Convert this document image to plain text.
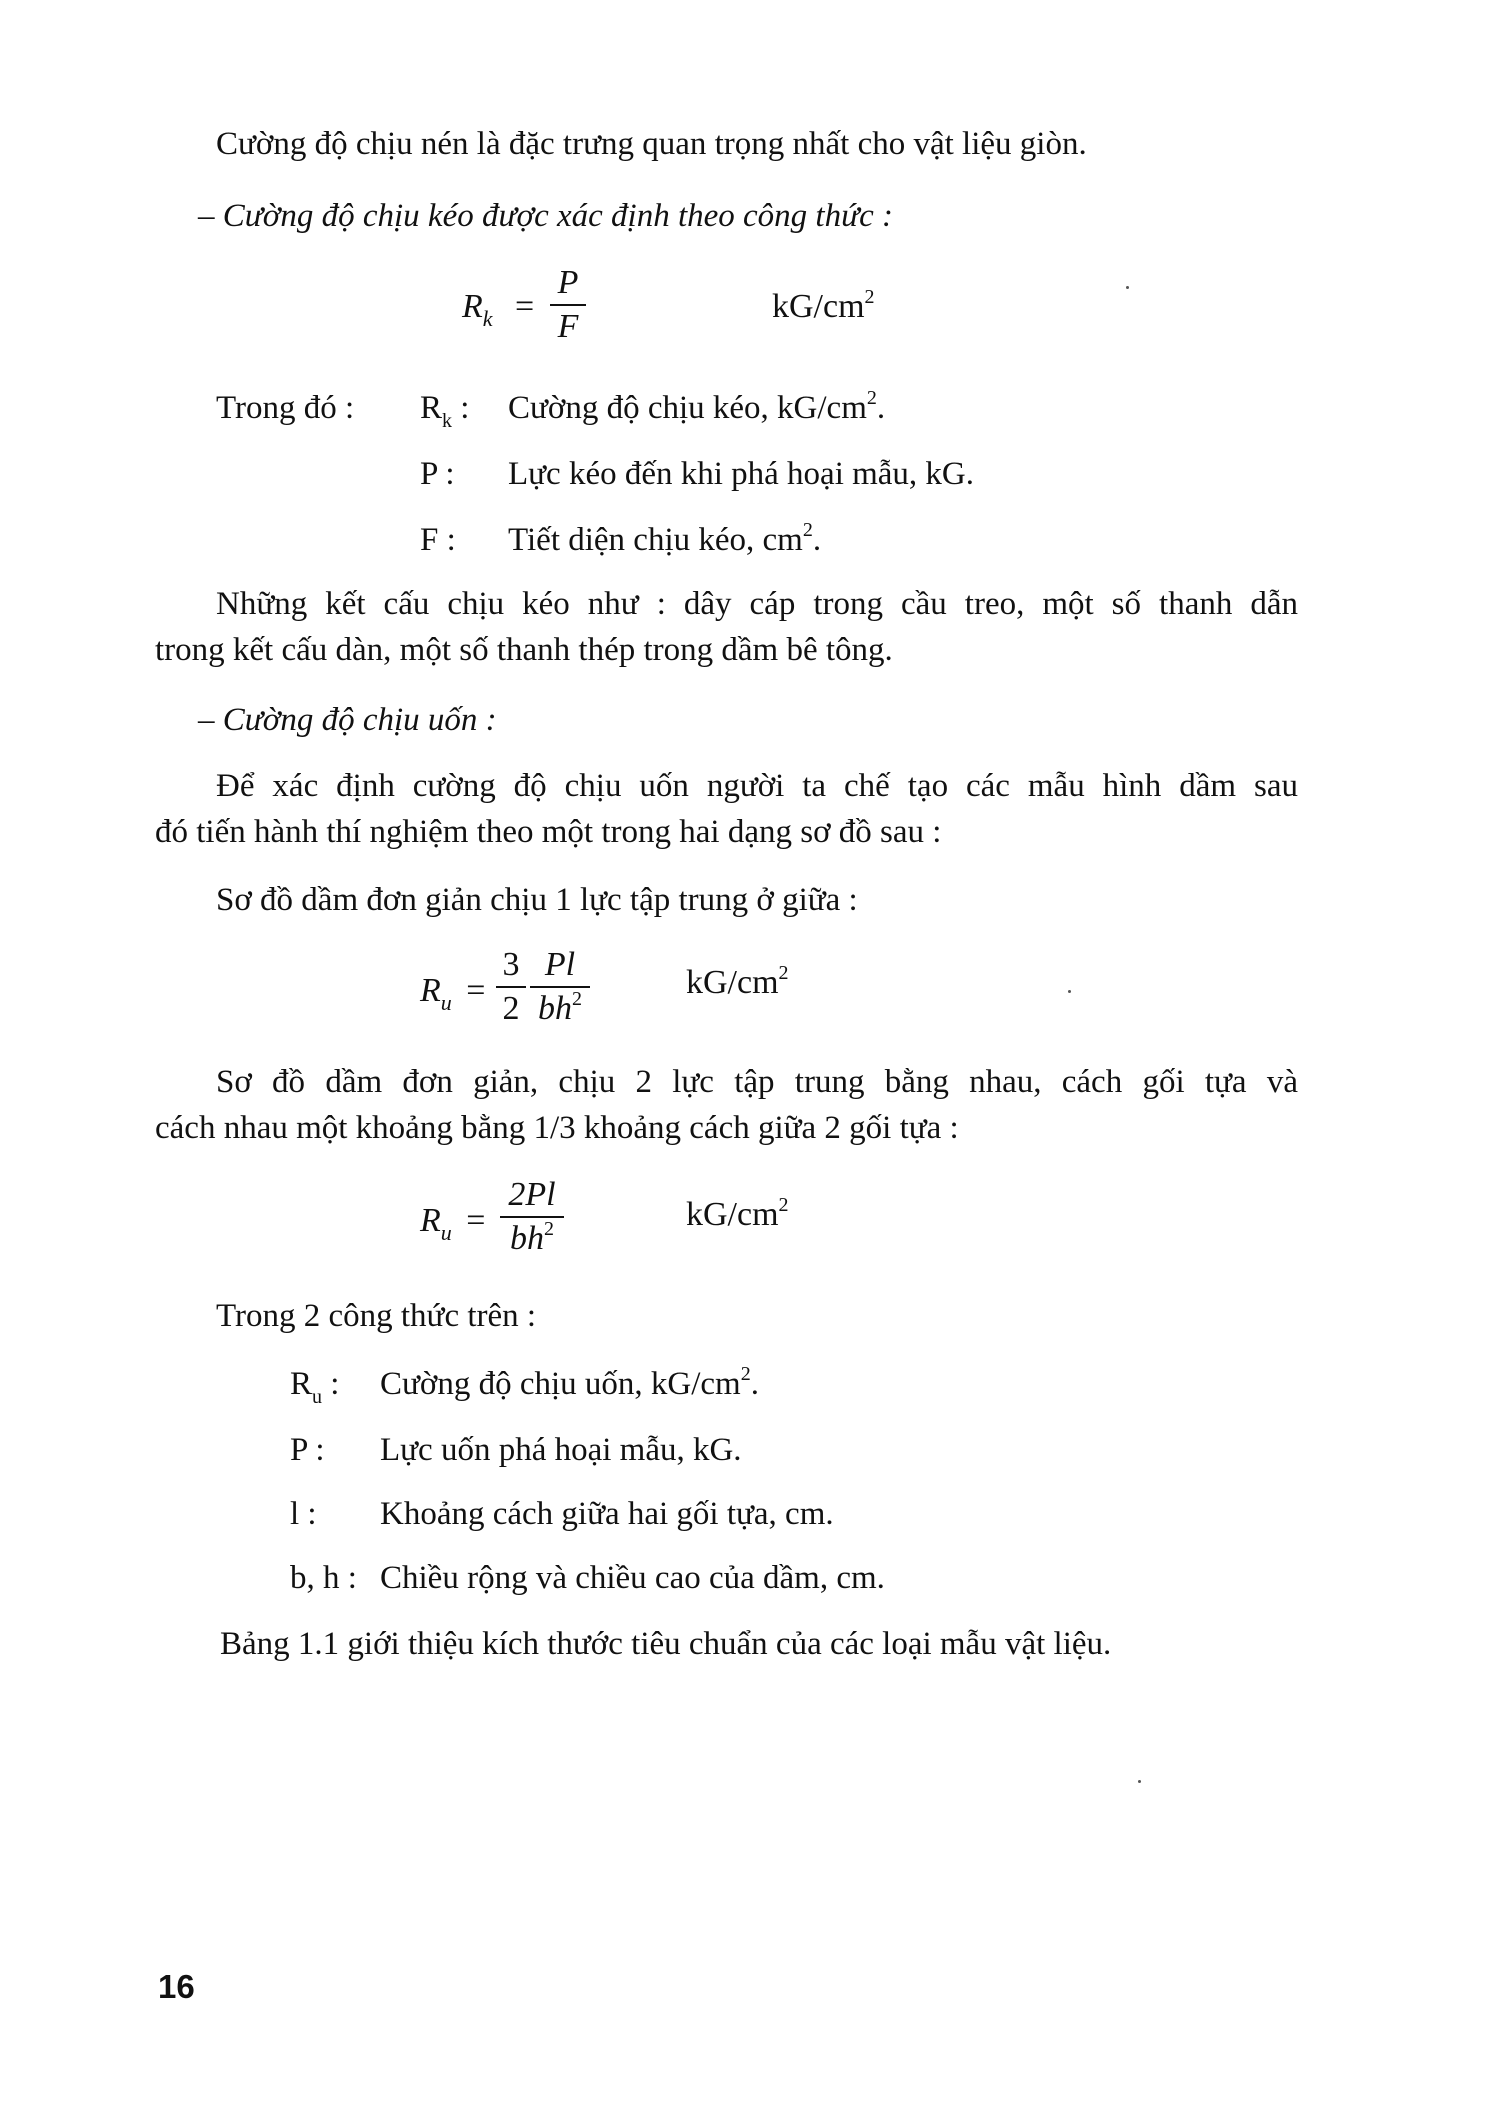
Cường độ chịu nén là đặc trưng quan trọng nhất cho vật liệu giòn.
– Cường độ chịu kéo được xác định theo công thức :
$R_k$ =
P
F
$kG/cm^2$
Trong đó : $R_k$ : Cường độ chịu kéo, $kG/cm^2$.
P : Lực kéo đến khi phá hoại mẫu, kG.
F : Tiết diện chịu kéo, $cm^2$.
Những kết cấu chịu kéo như : dây cáp trong cầu treo, một số thanh dẫn
trong kết cấu dàn, một số thanh thép trong dầm bê tông.
– Cường độ chịu uốn :
Để xác định cường độ chịu uốn người ta chế tạo các mẫu hình dầm sau
đó tiến hành thí nghiệm theo một trong hai dạng sơ đồ sau :
Sơ đồ dầm đơn giản chịu 1 lực tập trung ở giữa :
$R_u$ =
3
2
Pl
$bh^2$	$kG/cm^2$
Sơ đồ dầm đơn giản, chịu 2 lực tập trung bằng nhau, cách gối tựa và
cách nhau một khoảng bằng 1/3 khoảng cách giữa 2 gối tựa :
$R_u$ =
2Pl
$bh^2$	$kG/cm^2$
Trong 2 công thức trên :
$R_u$ : Cường độ chịu uốn, $kG/cm^2$.
P : Lực uốn phá hoại mẫu, kG.
l : Khoảng cách giữa hai gối tựa, cm.
b, h : Chiều rộng và chiều cao của dầm, cm.
Bảng 1.1 giới thiệu kích thước tiêu chuẩn của các loại mẫu vật liệu.
16
